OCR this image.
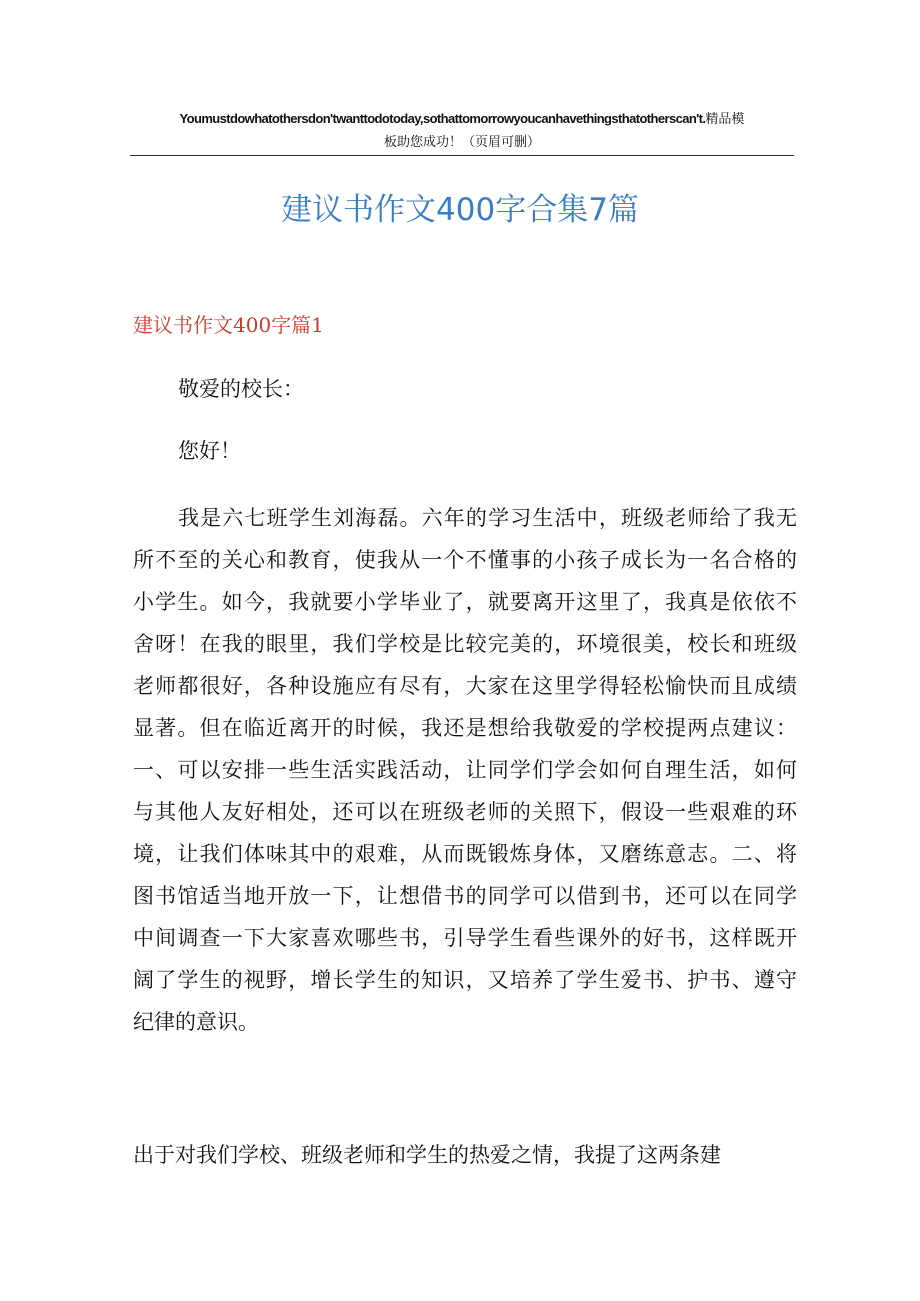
Youmustdowhatothersdon'twanttodotoday,sothattomorrowyoucanhavethingsthatotherscan't.精品模
板助您成功！（页眉可删）
建议书作文400字合集7篇
建议书作文400字篇1
敬爱的校长：
您好！
我是六七班学生刘海磊。六年的学习生活中，班级老师给了我无
所不至的关心和教育，使我从一个不懂事的小孩子成长为一名合格的
小学生。如今，我就要小学毕业了，就要离开这里了，我真是依依不
舍呀！在我的眼里，我们学校是比较完美的，环境很美，校长和班级
老师都很好，各种设施应有尽有，大家在这里学得轻松愉快而且成绩
显著。但在临近离开的时候，我还是想给我敬爱的学校提两点建议：
一、可以安排一些生活实践活动，让同学们学会如何自理生活，如何
与其他人友好相处，还可以在班级老师的关照下，假设一些艰难的环
境，让我们体味其中的艰难，从而既锻炼身体，又磨练意志。二、将
图书馆适当地开放一下，让想借书的同学可以借到书，还可以在同学
中间调查一下大家喜欢哪些书，引导学生看些课外的好书，这样既开
阔了学生的视野，增长学生的知识，又培养了学生爱书、护书、遵守
纪律的意识。
出于对我们学校、班级老师和学生的热爱之情，我提了这两条建
